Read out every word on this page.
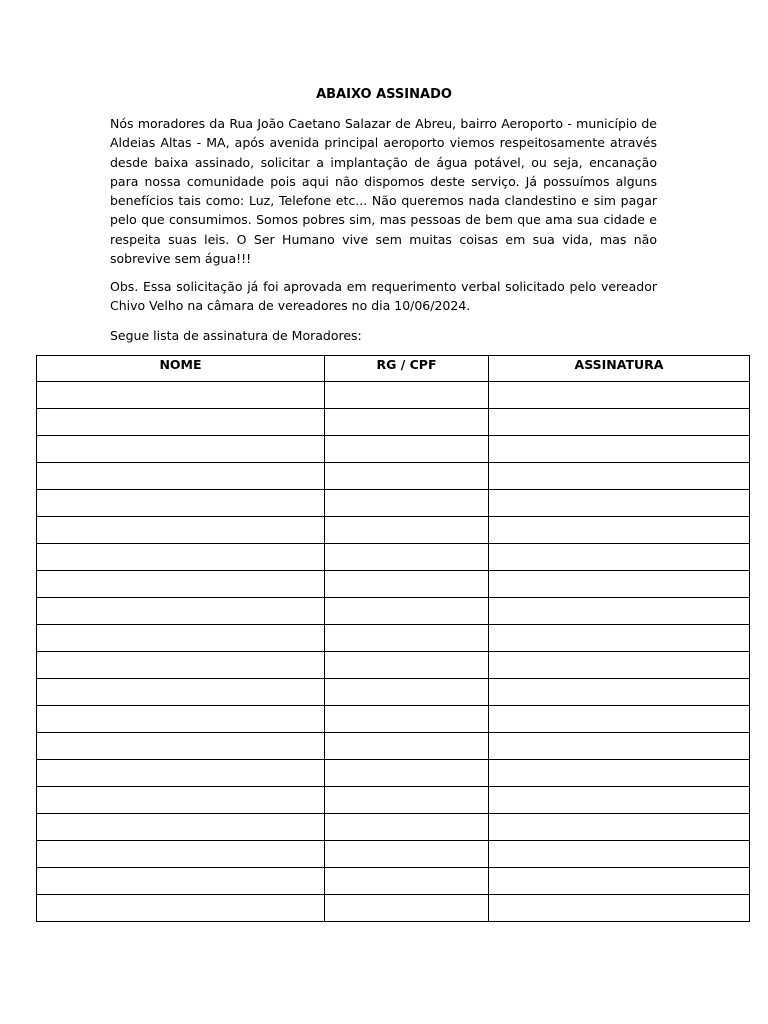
ABAIXO ASSINADO

Nós moradores da Rua João Caetano Salazar de Abreu, bairro Aeroporto - município de Aldeias Altas - MA, após avenida principal aeroporto viemos respeitosamente através desde baixa assinado, solicitar a implantação de água potável, ou seja, encanação para nossa comunidade pois aqui não dispomos deste serviço. Já possuímos alguns benefícios tais como: Luz, Telefone etc... Não queremos nada clandestino e sim pagar pelo que consumimos. Somos pobres sim, mas pessoas de bem que ama sua cidade e respeita suas leis. O Ser Humano vive sem muitas coisas em sua vida, mas não sobrevive sem água!!!

Obs. Essa solicitação já foi aprovada em requerimento verbal solicitado pelo vereador Chivo Velho na câmara de vereadores no dia 10/06/2024.

Segue lista de assinatura de Moradores:

NOME	RG / CPF	ASSINATURA
